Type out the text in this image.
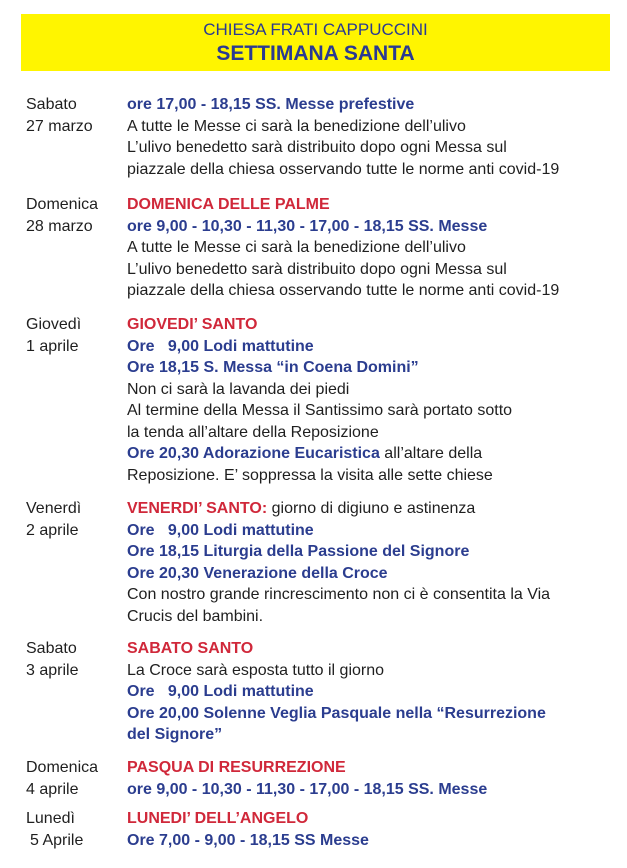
CHIESA FRATI CAPPUCCINI
SETTIMANA SANTA
Sabato
27 marzo
ore 17,00 - 18,15 SS. Messe prefestive
A tutte le Messe ci sarà la benedizione dell’ulivo
L’ulivo benedetto sarà distribuito dopo ogni Messa sul
piazzale della chiesa osservando tutte le norme anti covid-19
Domenica
28 marzo
DOMENICA DELLE PALME
ore 9,00 - 10,30 - 11,30 - 17,00 - 18,15 SS. Messe
A tutte le Messe ci sarà la benedizione dell’ulivo
L’ulivo benedetto sarà distribuito dopo ogni Messa sul
piazzale della chiesa osservando tutte le norme anti covid-19
Giovedì
1 aprile
GIOVEDI’ SANTO
Ore   9,00 Lodi mattutine
Ore 18,15 S. Messa “in Coena Domini”
Non ci sarà la lavanda dei piedi
Al termine della Messa il Santissimo sarà portato sotto
la tenda all’altare della Reposizione
Ore 20,30 Adorazione Eucaristica all’altare della
Reposizione. E’ soppressa la visita alle sette chiese
Venerdì
2 aprile
VENERDI’ SANTO: giorno di digiuno e astinenza
Ore   9,00 Lodi mattutine
Ore 18,15 Liturgia della Passione del Signore
Ore 20,30 Venerazione della Croce
Con nostro grande rincrescimento non ci è consentita la Via
Crucis del bambini.
Sabato
3 aprile
SABATO SANTO
La Croce sarà esposta tutto il giorno
Ore   9,00 Lodi mattutine
Ore 20,00 Solenne Veglia Pasquale nella “Resurrezione
del Signore”
Domenica
4 aprile
PASQUA DI RESURREZIONE
ore 9,00 - 10,30 - 11,30 - 17,00 - 18,15 SS. Messe
Lunedì
5 Aprile
LUNEDI’ DELL’ANGELO
Ore 7,00 - 9,00 - 18,15 SS Messe
